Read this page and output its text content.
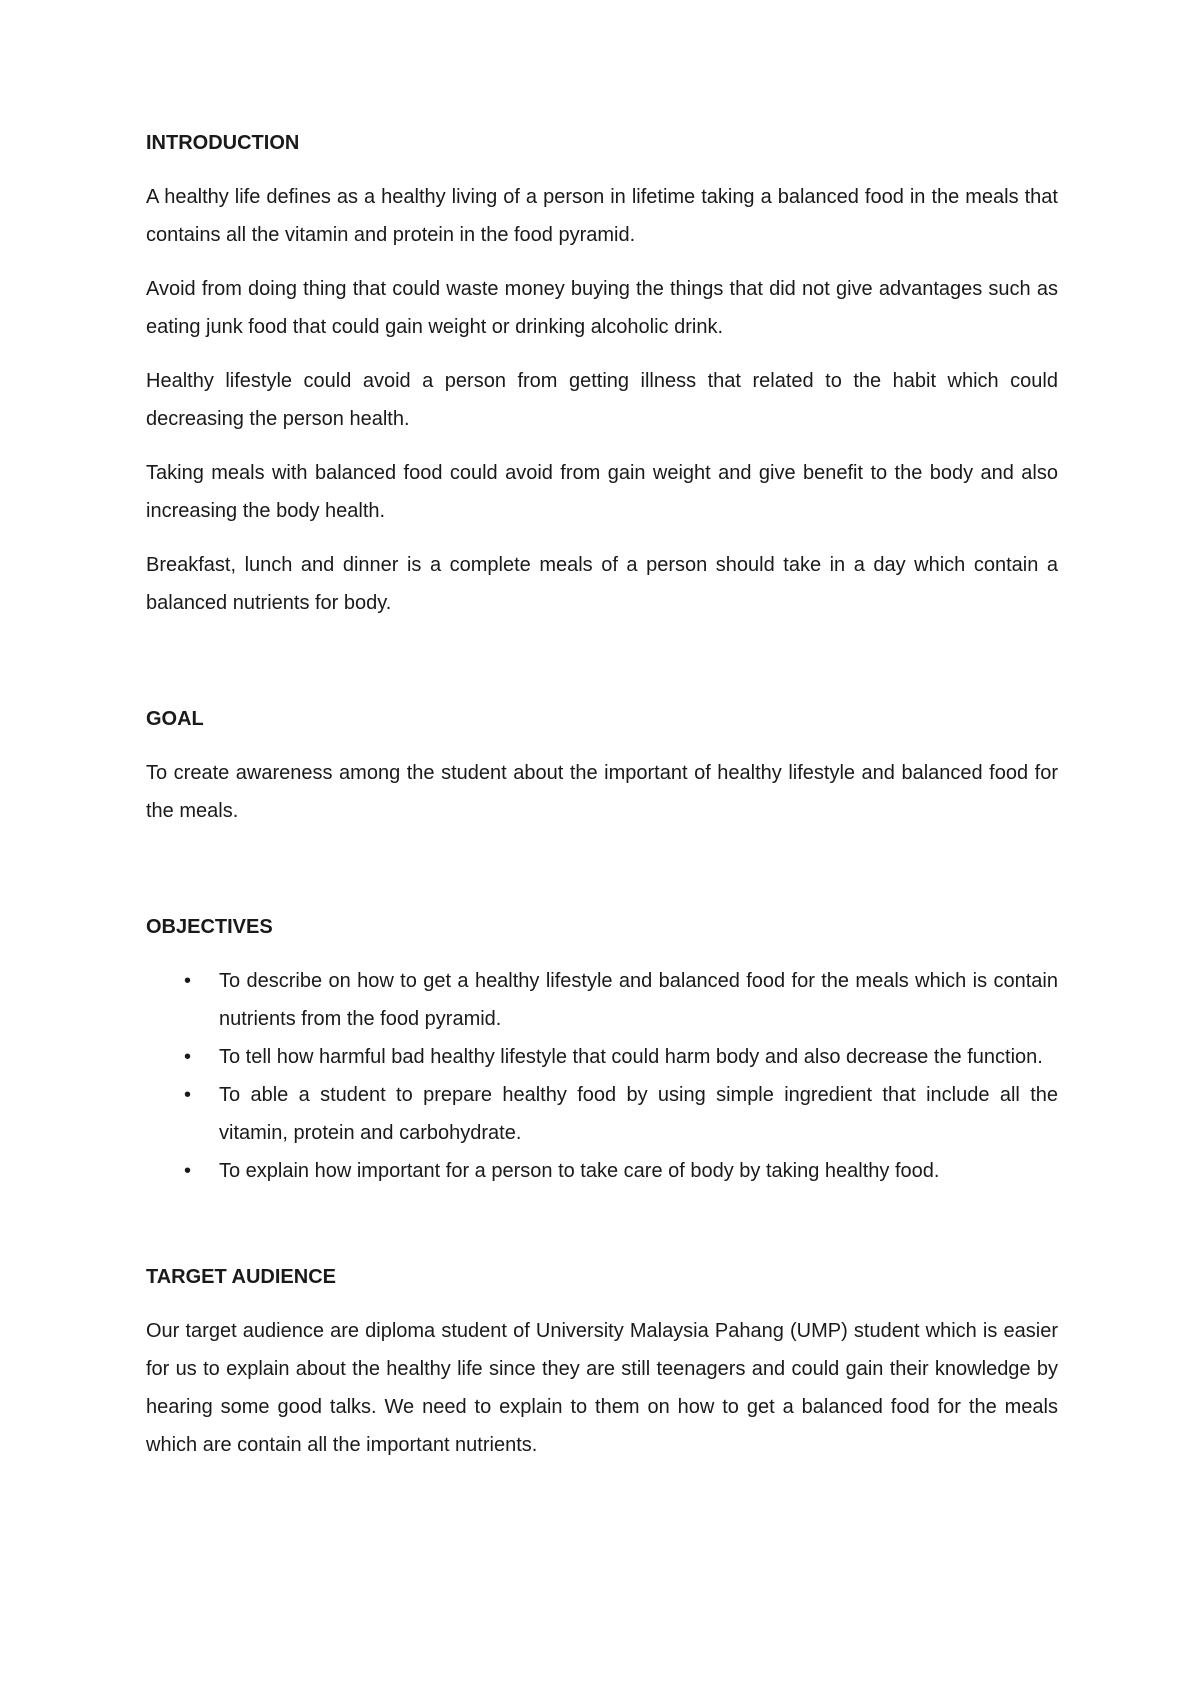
INTRODUCTION

A healthy life defines as a healthy living of a person in lifetime taking a balanced food in the meals that contains all the vitamin and protein in the food pyramid.

Avoid from doing thing that could waste money buying the things that did not give advantages such as eating junk food that could gain weight or drinking alcoholic drink.

Healthy lifestyle could avoid a person from getting illness that related to the habit which could decreasing the person health.

Taking meals with balanced food could avoid from gain weight and give benefit to the body and also increasing the body health.

Breakfast, lunch and dinner is a complete meals of a person should take in a day which contain a balanced nutrients for body.

GOAL

To create awareness among the student about the important of healthy lifestyle and balanced food for the meals.

OBJECTIVES
• To describe on how to get a healthy lifestyle and balanced food for the meals which is contain nutrients from the food pyramid.
• To tell how harmful bad healthy lifestyle that could harm body and also decrease the function.
• To able a student to prepare healthy food by using simple ingredient that include all the vitamin, protein and carbohydrate.
• To explain how important for a person to take care of body by taking healthy food.
TARGET AUDIENCE

Our target audience are diploma student of University Malaysia Pahang (UMP) student which is easier for us to explain about the healthy life since they are still teenagers and could gain their knowledge by hearing some good talks. We need to explain to them on how to get a balanced food for the meals which are contain all the important nutrients.
